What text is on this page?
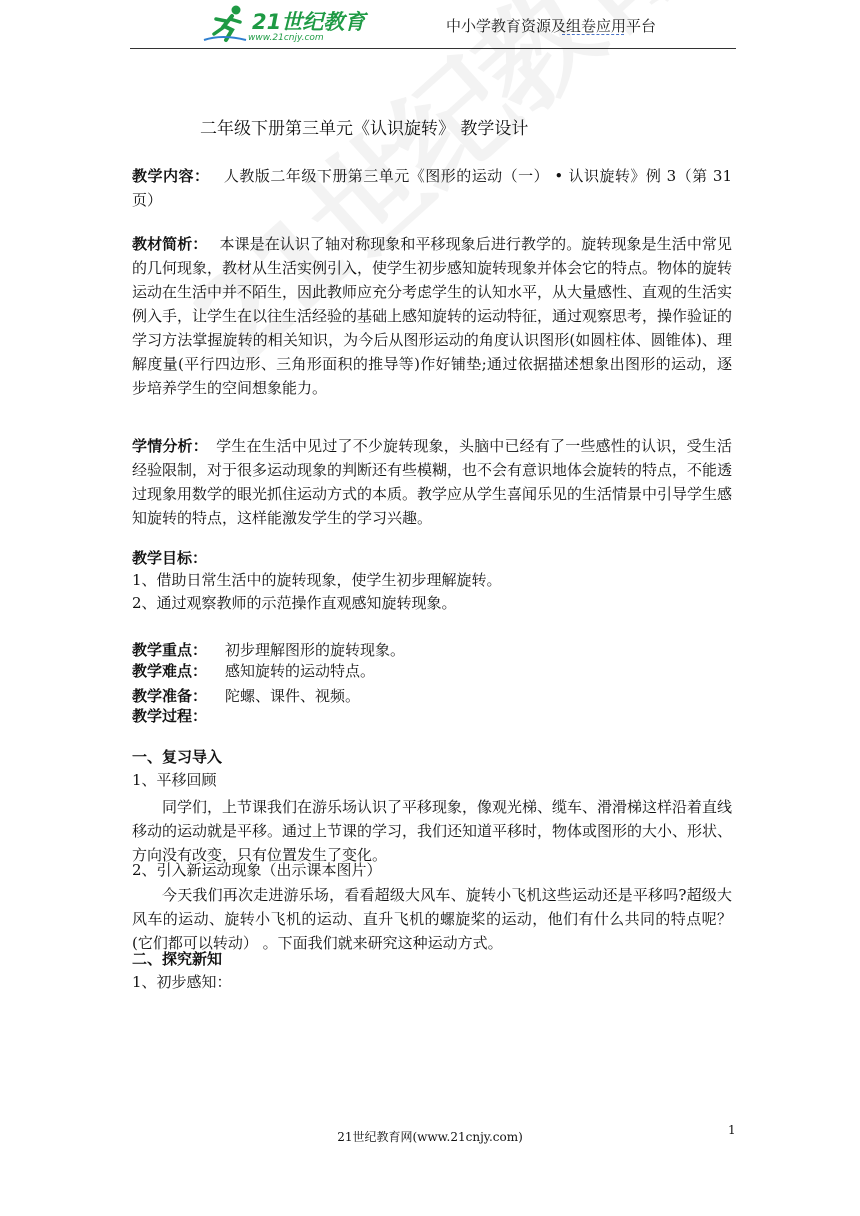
21世纪教育
www.21cnjy.com
中小学教育资源及组卷应用平台
二年级下册第三单元《认识旋转》 教学设计
教学内容： 人教版二年级下册第三单元《图形的运动（一） • 认识旋转》例 3（第 31 页）
教材简析： 本课是在认识了轴对称现象和平移现象后进行教学的。旋转现象是生活中常见的几何现象，教材从生活实例引入，使学生初步感知旋转现象并体会它的特点。物体的旋转运动在生活中并不陌生，因此教师应充分考虑学生的认知水平，从大量感性、直观的生活实例入手，让学生在以往生活经验的基础上感知旋转的运动特征，通过观察思考，操作验证的学习方法掌握旋转的相关知识，为今后从图形运动的角度认识图形(如圆柱体、圆锥体)、理解度量(平行四边形、三角形面积的推导等)作好铺垫;通过依据描述想象出图形的运动，逐步培养学生的空间想象能力。
学情分析： 学生在生活中见过了不少旋转现象，头脑中已经有了一些感性的认识，受生活经验限制，对于很多运动现象的判断还有些模糊，也不会有意识地体会旋转的特点，不能透过现象用数学的眼光抓住运动方式的本质。教学应从学生喜闻乐见的生活情景中引导学生感知旋转的特点，这样能激发学生的学习兴趣。
教学目标：
1、借助日常生活中的旋转现象，使学生初步理解旋转。
2、通过观察教师的示范操作直观感知旋转现象。
教学重点： 初步理解图形的旋转现象。
教学难点： 感知旋转的运动特点。
教学准备： 陀螺、课件、视频。
教学过程：
一、复习导入
1、平移回顾
同学们，上节课我们在游乐场认识了平移现象，像观光梯、缆车、滑滑梯这样沿着直线移动的运动就是平移。通过上节课的学习，我们还知道平移时，物体或图形的大小、形状、方向没有改变，只有位置发生了变化。
2、引入新运动现象（出示课本图片）
今天我们再次走进游乐场，看看超级大风车、旋转小飞机这些运动还是平移吗?超级大风车的运动、旋转小飞机的运动、直升飞机的螺旋桨的运动，他们有什么共同的特点呢？ (它们都可以转动） 。下面我们就来研究这种运动方式。
二、探究新知
1、初步感知：
1
21世纪教育网(www.21cnjy.com)
